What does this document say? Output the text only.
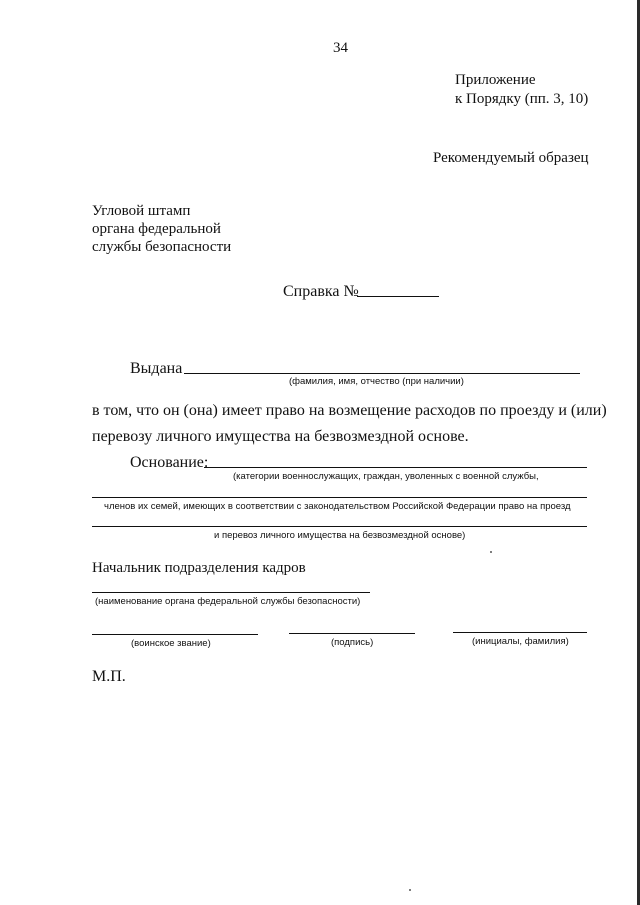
34
Приложение
к Порядку (пп. 3, 10)
Рекомендуемый образец
Угловой штамп
органа федеральной
службы безопасности
Справка №
Выдана
(фамилия, имя, отчество (при наличии)
в том, что он (она) имеет право на возмещение расходов по проезду и (или)
перевозу личного имущества на безвозмездной основе.
Основание:
(категории военнослужащих, граждан, уволенных с военной службы,
членов их семей, имеющих в соответствии с законодательством Российской Федерации право на проезд
и перевоз личного имущества на безвозмездной основе)
Начальник подразделения кадров
(наименование органа федеральной службы безопасности)
(воинское звание)	(подпись)	(инициалы, фамилия)
М.П.
